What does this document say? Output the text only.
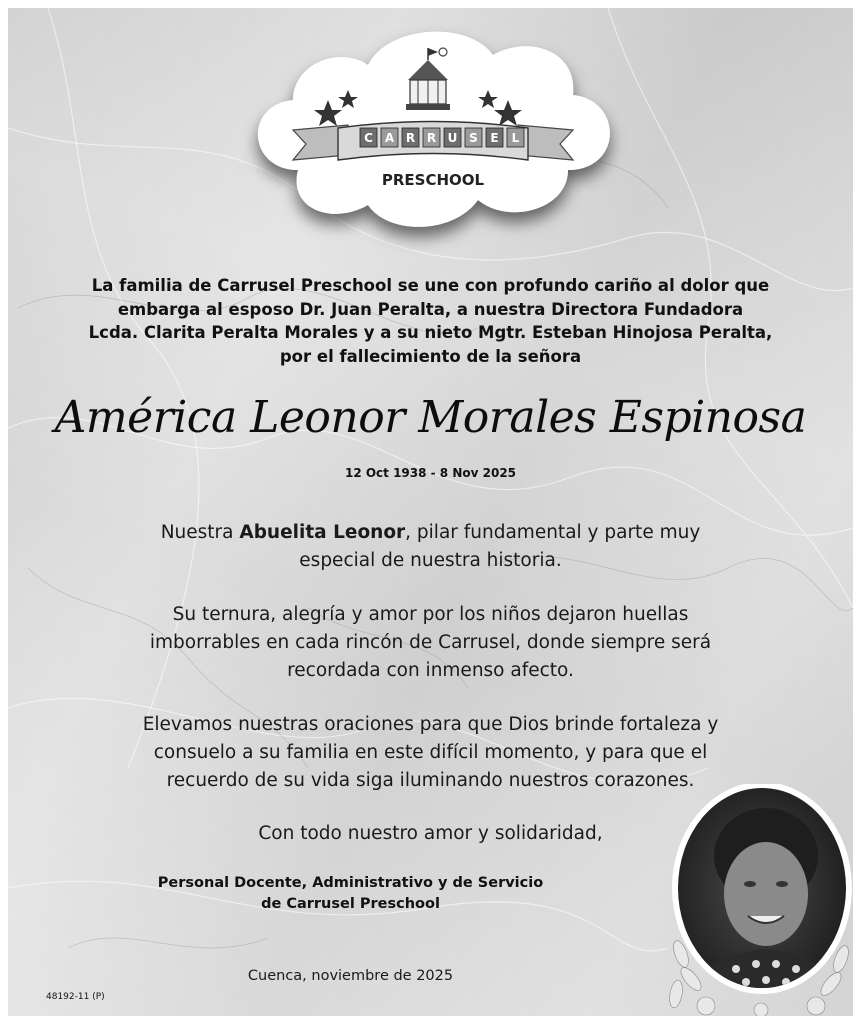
C A R R U S E L
PRESCHOOL
La familia de Carrusel Preschool se une con profundo cariño al dolor que
embarga al esposo Dr. Juan Peralta, a nuestra Directora Fundadora
Lcda. Clarita Peralta Morales y a su nieto Mgtr. Esteban Hinojosa Peralta,
por el fallecimiento de la señora
América Leonor Morales Espinosa
12 Oct 1938 - 8 Nov 2025
Nuestra Abuelita Leonor, pilar fundamental y parte muy
especial de nuestra historia.
Su ternura, alegría y amor por los niños dejaron huellas
imborrables en cada rincón de Carrusel, donde siempre será
recordada con inmenso afecto.
Elevamos nuestras oraciones para que Dios brinde fortaleza y
consuelo a su familia en este difícil momento, y para que el
recuerdo de su vida siga iluminando nuestros corazones.
Con todo nuestro amor y solidaridad,
Personal Docente, Administrativo y de Servicio
de Carrusel Preschool
Cuenca, noviembre de 2025
48192-11 (P)
